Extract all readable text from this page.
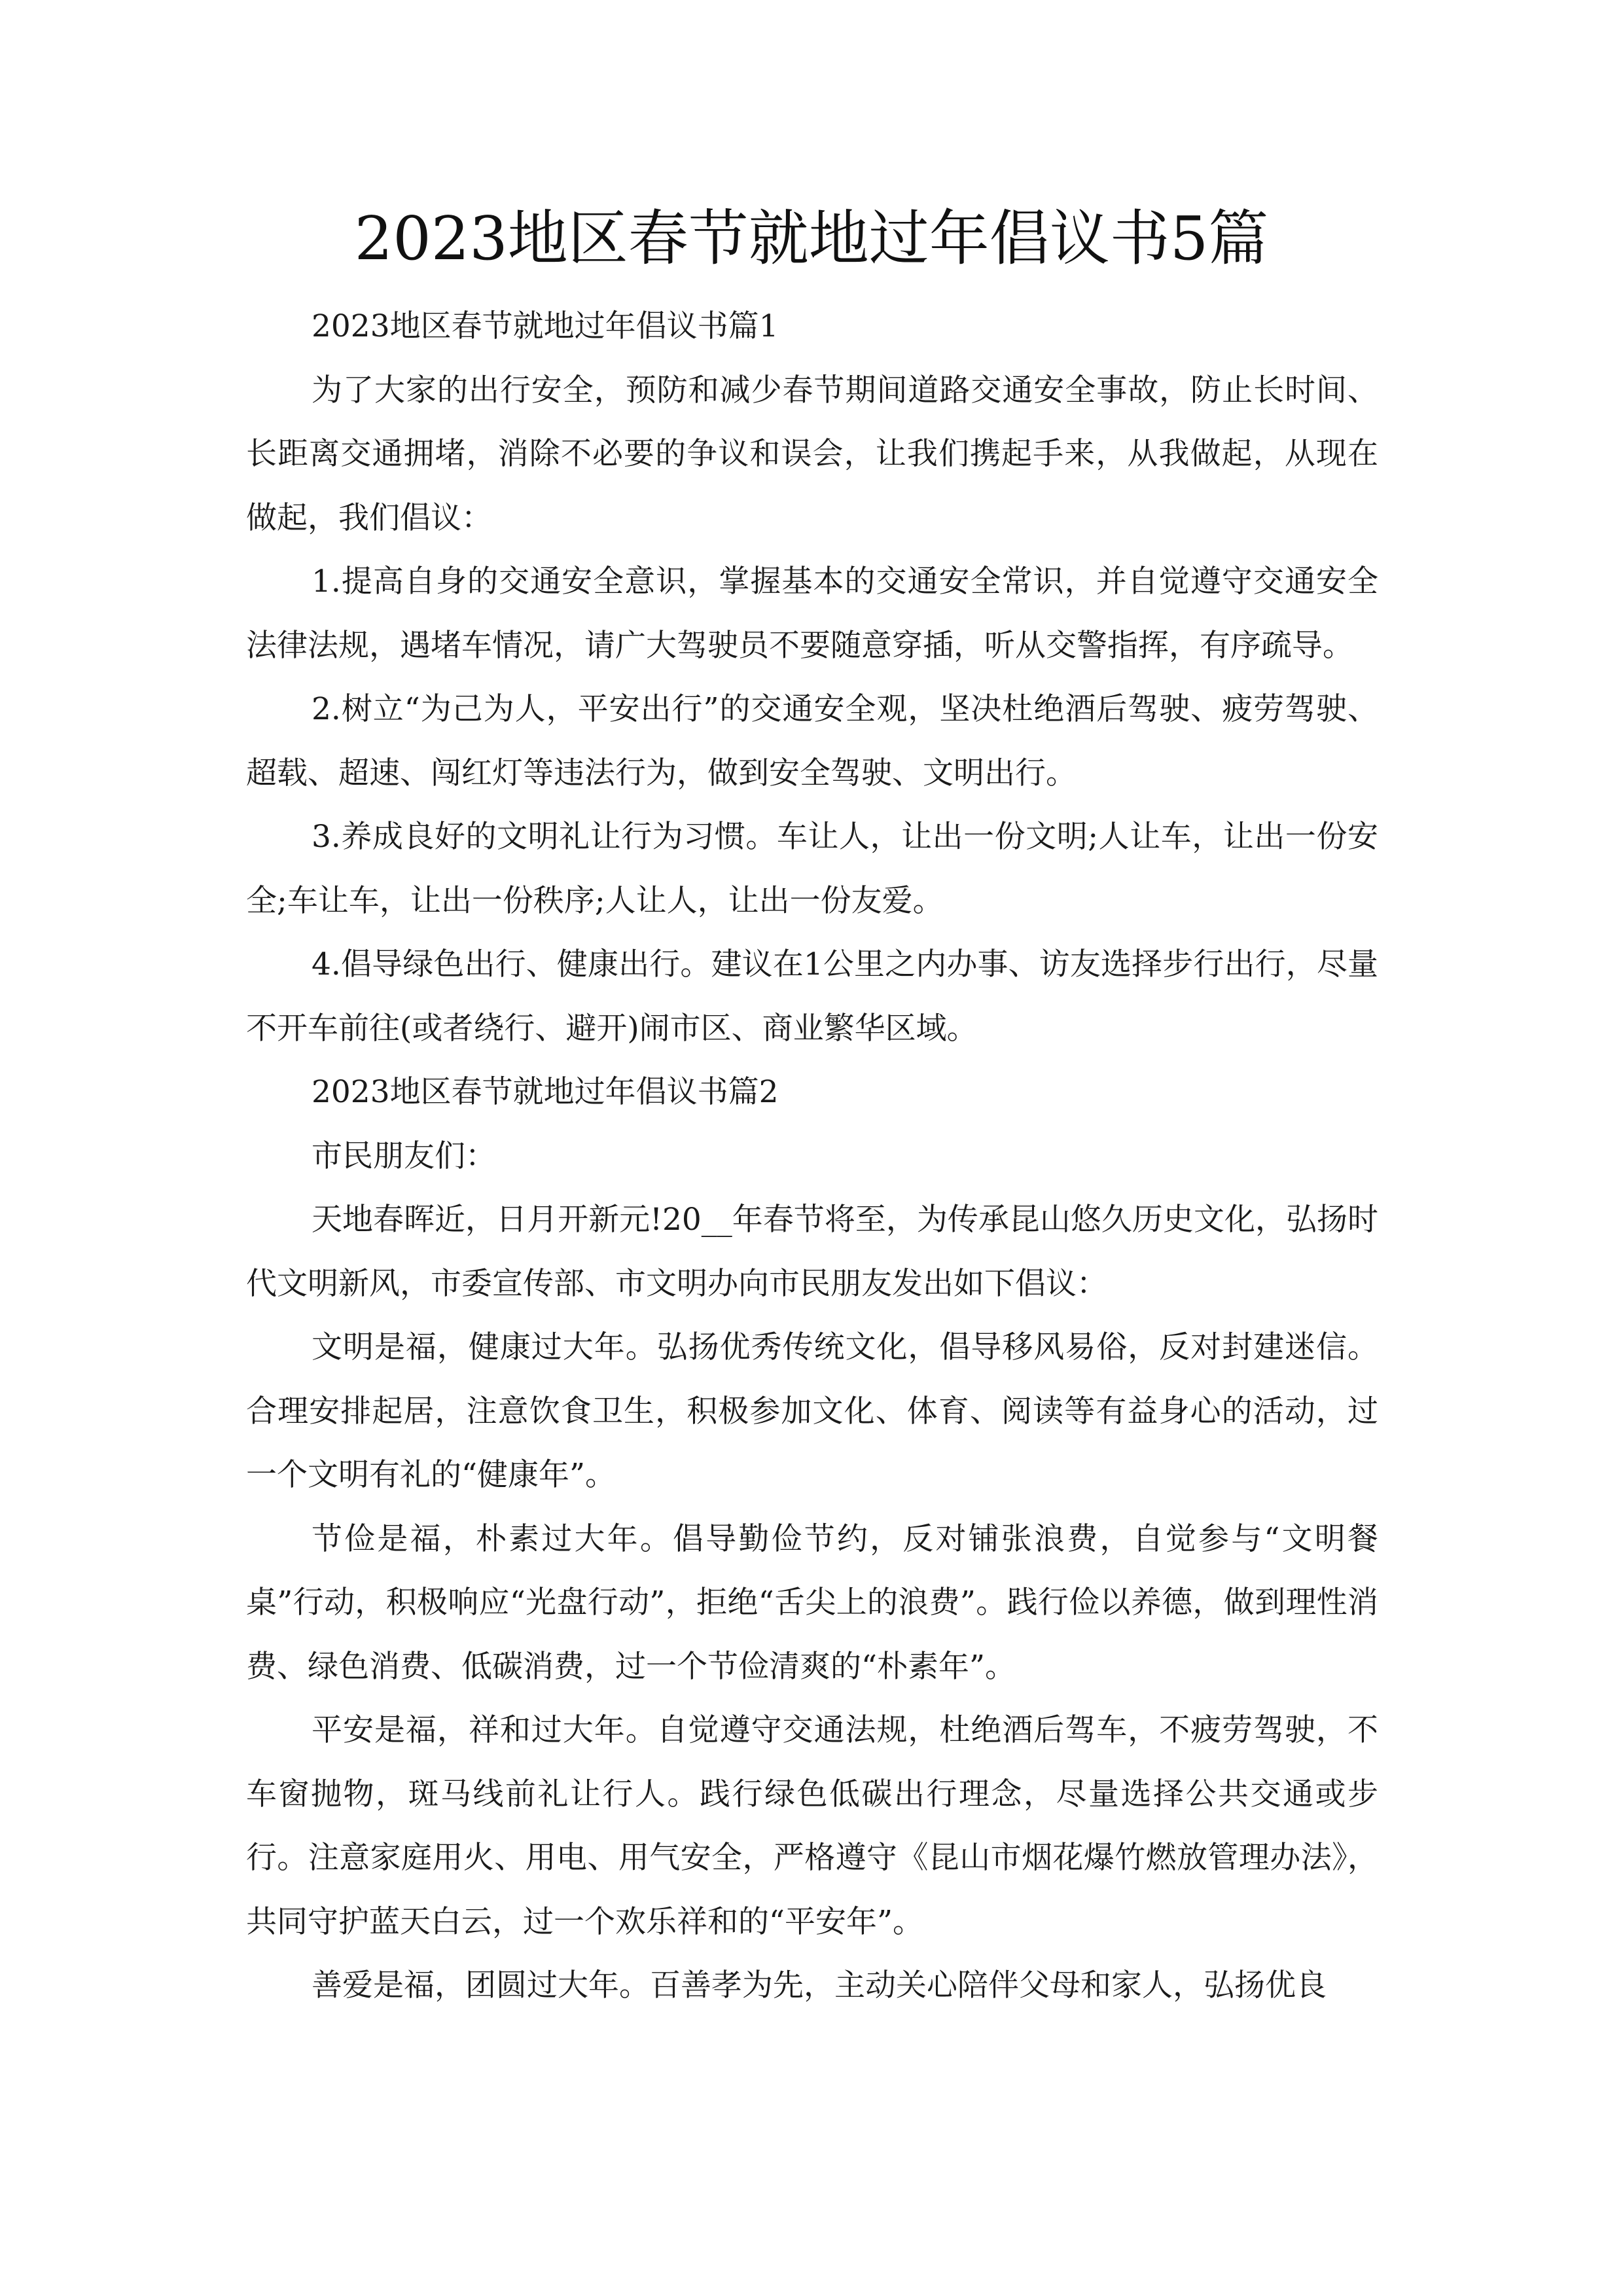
2023地区春节就地过年倡议书5篇

2023地区春节就地过年倡议书篇1

为了大家的出行安全，预防和减少春节期间道路交通安全事故，防止长时间、长距离交通拥堵，消除不必要的争议和误会，让我们携起手来，从我做起，从现在做起，我们倡议：

1.提高自身的交通安全意识，掌握基本的交通安全常识，并自觉遵守交通安全法律法规，遇堵车情况，请广大驾驶员不要随意穿插，听从交警指挥，有序疏导。

2.树立“为己为人，平安出行”的交通安全观，坚决杜绝酒后驾驶、疲劳驾驶、超载、超速、闯红灯等违法行为，做到安全驾驶、文明出行。

3.养成良好的文明礼让行为习惯。车让人，让出一份文明;人让车，让出一份安全;车让车，让出一份秩序;人让人，让出一份友爱。

4.倡导绿色出行、健康出行。建议在1公里之内办事、访友选择步行出行，尽量不开车前往(或者绕行、避开)闹市区、商业繁华区域。

2023地区春节就地过年倡议书篇2

市民朋友们：

天地春晖近，日月开新元!20__年春节将至，为传承昆山悠久历史文化，弘扬时代文明新风，市委宣传部、市文明办向市民朋友发出如下倡议：

文明是福，健康过大年。弘扬优秀传统文化，倡导移风易俗，反对封建迷信。合理安排起居，注意饮食卫生，积极参加文化、体育、阅读等有益身心的活动，过一个文明有礼的“健康年”。

节俭是福，朴素过大年。倡导勤俭节约，反对铺张浪费，自觉参与“文明餐桌”行动，积极响应“光盘行动”，拒绝“舌尖上的浪费”。践行俭以养德，做到理性消费、绿色消费、低碳消费，过一个节俭清爽的“朴素年”。

平安是福，祥和过大年。自觉遵守交通法规，杜绝酒后驾车，不疲劳驾驶，不车窗抛物，斑马线前礼让行人。践行绿色低碳出行理念，尽量选择公共交通或步行。注意家庭用火、用电、用气安全，严格遵守《昆山市烟花爆竹燃放管理办法》，共同守护蓝天白云，过一个欢乐祥和的“平安年”。

善爱是福，团圆过大年。百善孝为先，主动关心陪伴父母和家人，弘扬优良
